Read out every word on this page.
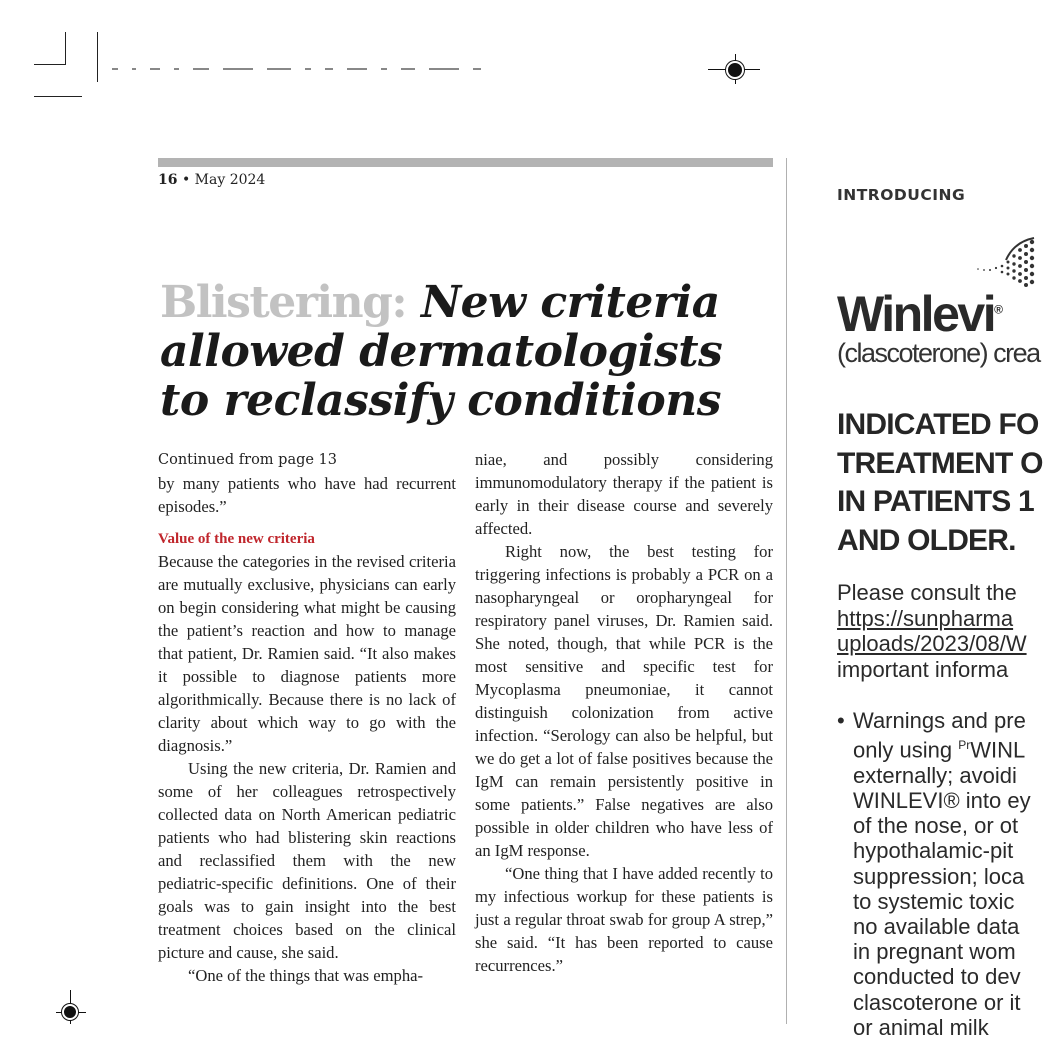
16 • May 2024
Blistering: New criteria allowed dermatologists to reclassify conditions

Continued from page 13

by many patients who have had recurrent episodes.”

Value of the new criteria

Because the categories in the revised criteria are mutually exclusive, physicians can early on begin considering what might be causing the patient’s reaction and how to manage that patient, Dr. Ramien said. “It also makes it possible to diagnose patients more algorithmically. Because there is no lack of clarity about which way to go with the diagnosis.”

Using the new criteria, Dr. Ramien and some of her colleagues retrospectively collected data on North American pediatric patients who had blistering skin reactions and reclassified them with the new pediatric-specific definitions. One of their goals was to gain insight into the best treatment choices based on the clinical picture and cause, she said.

“One of the things that was empha-

niae, and possibly considering immunomodulatory therapy if the patient is early in their disease course and severely affected.

Right now, the best testing for triggering infections is probably a PCR on a nasopharyngeal or oropharyngeal for respiratory panel viruses, Dr. Ramien said. She noted, though, that while PCR is the most sensitive and specific test for Mycoplasma pneumoniae, it cannot distinguish colonization from active infection. “Serology can also be helpful, but we do get a lot of false positives because the IgM can remain persistently positive in some patients.” False negatives are also possible in older children who have less of an IgM response.

“One thing that I have added recently to my infectious workup for these patients is just a regular throat swab for group A strep,” she said. “It has been reported to cause recurrences.”

INTRODUCING
Winlevi®
(clascoterone) crea
INDICATED FO
TREATMENT O
IN PATIENTS 1
AND OLDER.
Please consult the
https://sunpharma
uploads/2023/08/W
important informa
• Warnings and pre
only using $^{Pr}$WINL
externally; avoidi
WINLEVI® into ey
of the nose, or ot
hypothalamic-pit
suppression; loca
to systemic toxic
no available data
in pregnant wom
conducted to dev
clascoterone or it
or animal milk
